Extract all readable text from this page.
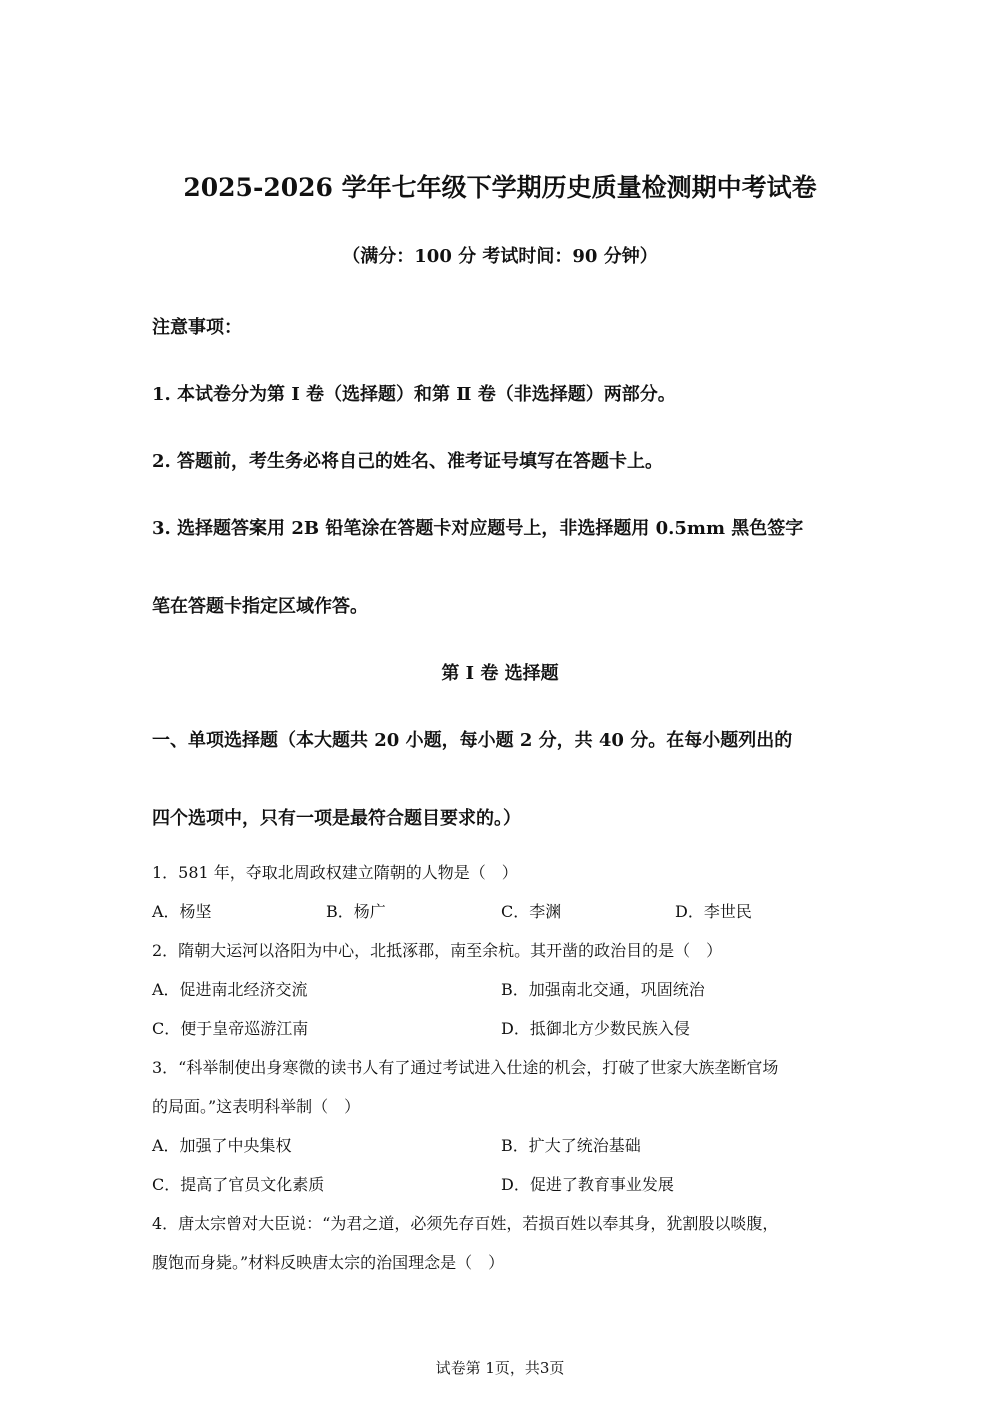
2025-2026 学年七年级下学期历史质量检测期中考试卷
（满分：100 分 考试时间：90 分钟）
注意事项：
1. 本试卷分为第 Ⅰ 卷（选择题）和第 Ⅱ 卷（非选择题）两部分。
2. 答题前，考生务必将自己的姓名、准考证号填写在答题卡上。
3. 选择题答案用 2B 铅笔涂在答题卡对应题号上，非选择题用 0.5mm 黑色签字
笔在答题卡指定区域作答。
第 Ⅰ 卷 选择题
一、单项选择题（本大题共 20 小题，每小题 2 分，共 40 分。在每小题列出的
四个选项中，只有一项是最符合题目要求的。）
1．581 年，夺取北周政权建立隋朝的人物是（　）
A．杨坚	B．杨广	C．李渊	D．李世民
2．隋朝大运河以洛阳为中心，北抵涿郡，南至余杭。其开凿的政治目的是（　）
A．促进南北经济交流	B．加强南北交通，巩固统治
C．便于皇帝巡游江南	D．抵御北方少数民族入侵
3．“科举制使出身寒微的读书人有了通过考试进入仕途的机会，打破了世家大族垄断官场
的局面。”这表明科举制（　）
A．加强了中央集权	B．扩大了统治基础
C．提高了官员文化素质	D．促进了教育事业发展
4．唐太宗曾对大臣说：“为君之道，必须先存百姓，若损百姓以奉其身，犹割股以啖腹，
腹饱而身毙。”材料反映唐太宗的治国理念是（　）
试卷第 1页，共3页
